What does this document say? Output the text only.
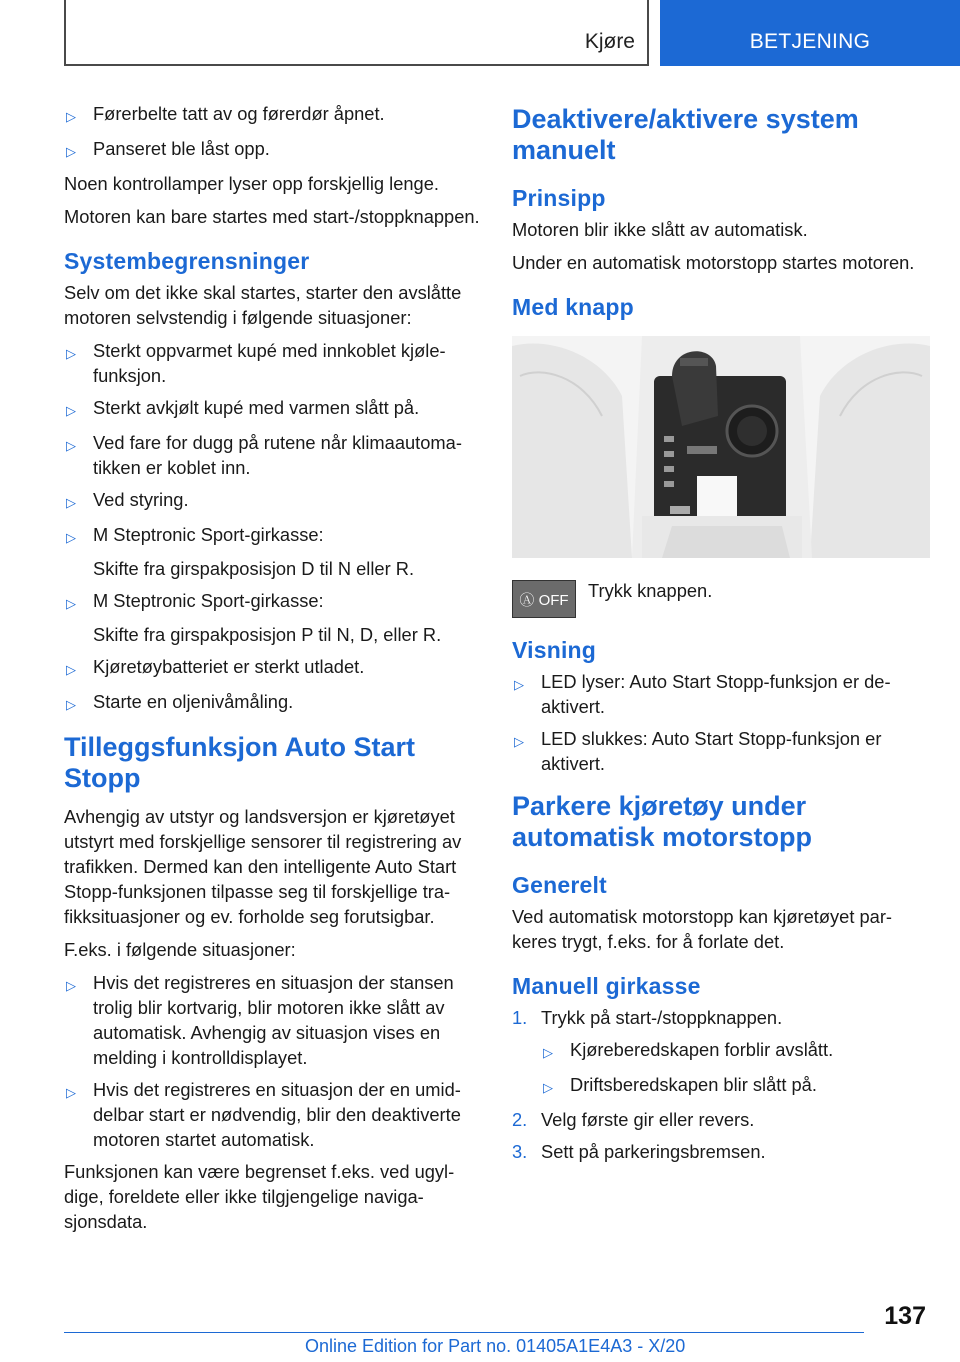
Kjøre	BETJENING
▷ Førerbelte tatt av og førerdør åpnet.
▷ Panseret ble låst opp.

Noen kontrollamper lyser opp forskjellig lenge.

Motoren kan bare startes med start-/stoppknappen.

Systembegrensninger

Selv om det ikke skal startes, starter den avslåtte motoren selvstendig i følgende situasjoner:

▷ Sterkt oppvarmet kupé med innkoblet kjølefunksjon.
▷ Sterkt avkjølt kupé med varmen slått på.
▷ Ved fare for dugg på rutene når klimaautomatikken er koblet inn.
▷ Ved styring.
▷ M Steptronic Sport-girkasse:

Skifte fra girspakposisjon D til N eller R.
▷ M Steptronic Sport-girkasse:

Skifte fra girspakposisjon P til N, D, eller R.
▷ Kjøretøybatteriet er sterkt utladet.
▷ Starte en oljenivåmåling.
Tilleggsfunksjon Auto Start Stopp

Avhengig av utstyr og landsversjon er kjøretøyet utstyrt med forskjellige sensorer til registrering av trafikken. Dermed kan den intelligente Auto Start Stopp-funksjonen tilpasse seg til forskjellige trafikksituasjoner og ev. forholde seg forutsigbar.

F.eks. i følgende situasjoner:

▷ Hvis det registreres en situasjon der stansen trolig blir kortvarig, blir motoren ikke slått av automatisk. Avhengig av situasjon vises en melding i kontrolldisplayet.
▷ Hvis det registreres en situasjon der en umiddelbar start er nødvendig, blir den deaktiverte motoren startet automatisk.

Funksjonen kan være begrenset f.eks. ved ugyldige, foreldete eller ikke tilgjengelige navigasjonsdata.

Deaktivere/aktivere system manuelt
Prinsipp

Motoren blir ikke slått av automatisk.

Under en automatisk motorstopp startes motoren.

Med knapp
Ⓐ OFF	Trykk knappen.
Visning
▷ LED lyser: Auto Start Stopp-funksjon er deaktivert.
▷ LED slukkes: Auto Start Stopp-funksjon er aktivert.
Parkere kjøretøy under automatisk motorstopp
Generelt

Ved automatisk motorstopp kan kjøretøyet parkeres trygt, f.eks. for å forlate det.

Manuell girkasse
1. Trykk på start-/stoppknappen.
▷ Kjøreberedskapen forblir avslått.
▷ Driftsberedskapen blir slått på.
2. Velg første gir eller revers.
3. Sett på parkeringsbremsen.
137
Online Edition for Part no. 01405A1E4A3 - X/20
